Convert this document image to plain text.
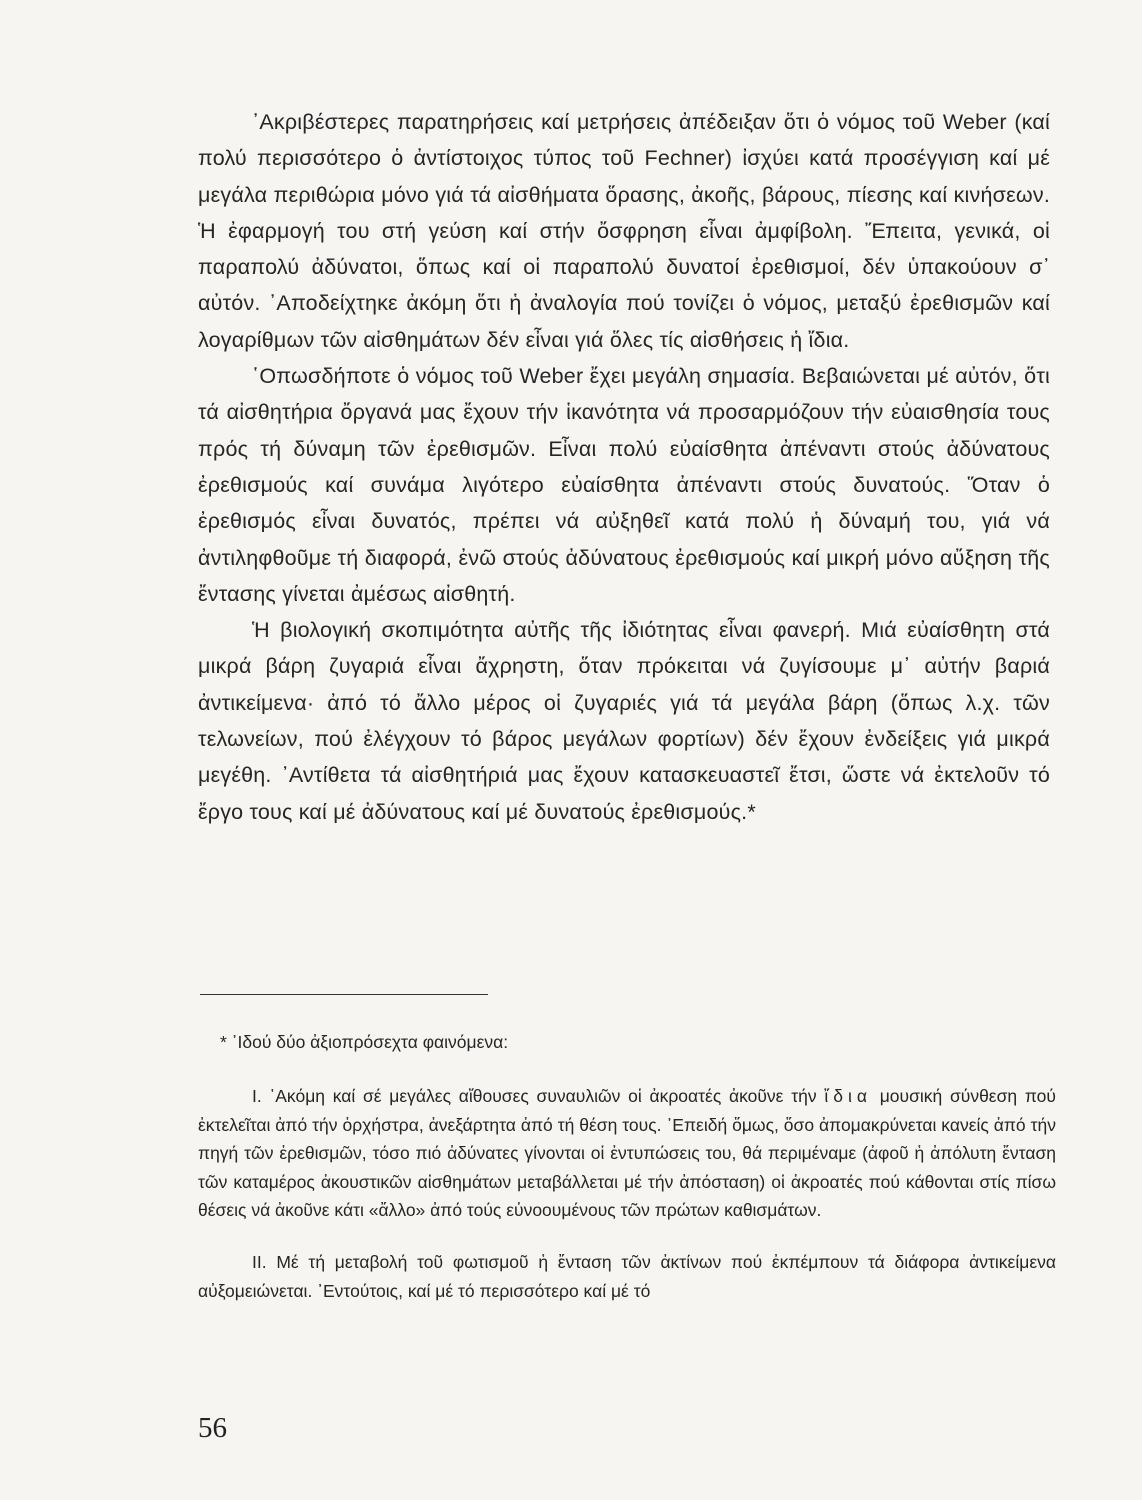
᾿Ακριβέστερες παρατηρήσεις καί μετρήσεις ἀπέδειξαν ὅτι ὁ νόμος τοῦ Weber (καί πολύ περισσότερο ὁ ἀντίστοιχος τύπος τοῦ Fechner) ἰσχύει κατά προσέγγιση καί μέ μεγάλα περιθώρια μόνο γιά τά αἰσθήματα ὅρασης, ἀκοῆς, βάρους, πίεσης καί κινήσεων. Ἡ ἐφαρμογή του στή γεύση καί στήν ὄσφρηση εἶναι ἀμφίβολη. Ἔπειτα, γενικά, οἱ παραπολύ ἀδύνατοι, ὅπως καί οἱ παραπολύ δυνατοί ἐρεθισμοί, δέν ὑπακούουν σ᾿ αὐτόν. ᾿Αποδείχτηκε ἀκόμη ὅτι ἡ ἀναλογία πού τονίζει ὁ νόμος, μεταξύ ἐρεθισμῶν καί λογαρίθμων τῶν αἰσθημάτων δέν εἶναι γιά ὅλες τίς αἰσθήσεις ἡ ἴδια.

῾Οπωσδήποτε ὁ νόμος τοῦ Weber ἔχει μεγάλη σημασία. Βεβαιώνεται μέ αὐτόν, ὅτι τά αἰσθητήρια ὄργανά μας ἔχουν τήν ἱκανότητα νά προσαρμόζουν τήν εὐαισθησία τους πρός τή δύναμη τῶν ἐρεθισμῶν. Εἶναι πολύ εὐαίσθητα ἀπέναντι στούς ἀδύνατους ἐρεθισμούς καί συνάμα λιγότερο εὐαίσθητα ἀπέναντι στούς δυνατούς. Ὅταν ὁ ἐρεθισμός εἶναι δυνατός, πρέπει νά αὐξηθεῖ κατά πολύ ἡ δύναμή του, γιά νά ἀντιληφθοῦμε τή διαφορά, ἐνῶ στούς ἀδύνατους ἐρεθισμούς καί μικρή μόνο αὔξηση τῆς ἔντασης γίνεται ἀμέσως αἰσθητή.

Ἡ βιολογική σκοπιμότητα αὐτῆς τῆς ἰδιότητας εἶναι φανερή. Μιά εὐαίσθητη στά μικρά βάρη ζυγαριά εἶναι ἄχρηστη, ὅταν πρόκειται νά ζυγίσουμε μ᾿ αὐτήν βαριά ἀντικείμενα· ἀπό τό ἄλλο μέρος οἱ ζυγαριές γιά τά μεγάλα βάρη (ὅπως λ.χ. τῶν τελωνείων, πού ἐλέγχουν τό βάρος μεγάλων φορτίων) δέν ἔχουν ἐνδείξεις γιά μικρά μεγέθη. ᾿Αντίθετα τά αἰσθητήριά μας ἔχουν κατασκευαστεῖ ἔτσι, ὥστε νά ἐκτελοῦν τό ἔργο τους καί μέ ἀδύνατους καί μέ δυνατούς ἐρεθισμούς.*

* ᾿Ιδού δύο ἀξιοπρόσεχτα φαινόμενα:

Ι. ᾿Ακόμη καί σέ μεγάλες αἴθουσες συναυλιῶν οἱ ἀκροατές ἀκοῦνε τήν ἴδια μουσική σύνθεση πού ἐκτελεῖται ἀπό τήν ὀρχήστρα, ἀνεξάρτητα ἀπό τή θέση τους. ᾿Επειδή ὅμως, ὅσο ἀπομακρύνεται κανείς ἀπό τήν πηγή τῶν ἐρεθισμῶν, τόσο πιό ἀδύνατες γίνονται οἱ ἐντυπώσεις του, θά περιμέναμε (ἀφοῦ ἡ ἀπόλυτη ἔνταση τῶν καταμέρος ἀκουστικῶν αἰσθημάτων μεταβάλλεται μέ τήν ἀπόσταση) οἱ ἀκροατές πού κάθονται στίς πίσω θέσεις νά ἀκοῦνε κάτι «ἄλλο» ἀπό τούς εὐνοουμένους τῶν πρώτων καθισμάτων.

ΙΙ. Μέ τή μεταβολή τοῦ φωτισμοῦ ἡ ἔνταση τῶν ἀκτίνων πού ἐκπέμπουν τά διάφορα ἀντικείμενα αὐξομειώνεται. ᾿Εντούτοις, καί μέ τό περισσότερο καί μέ τό

56
